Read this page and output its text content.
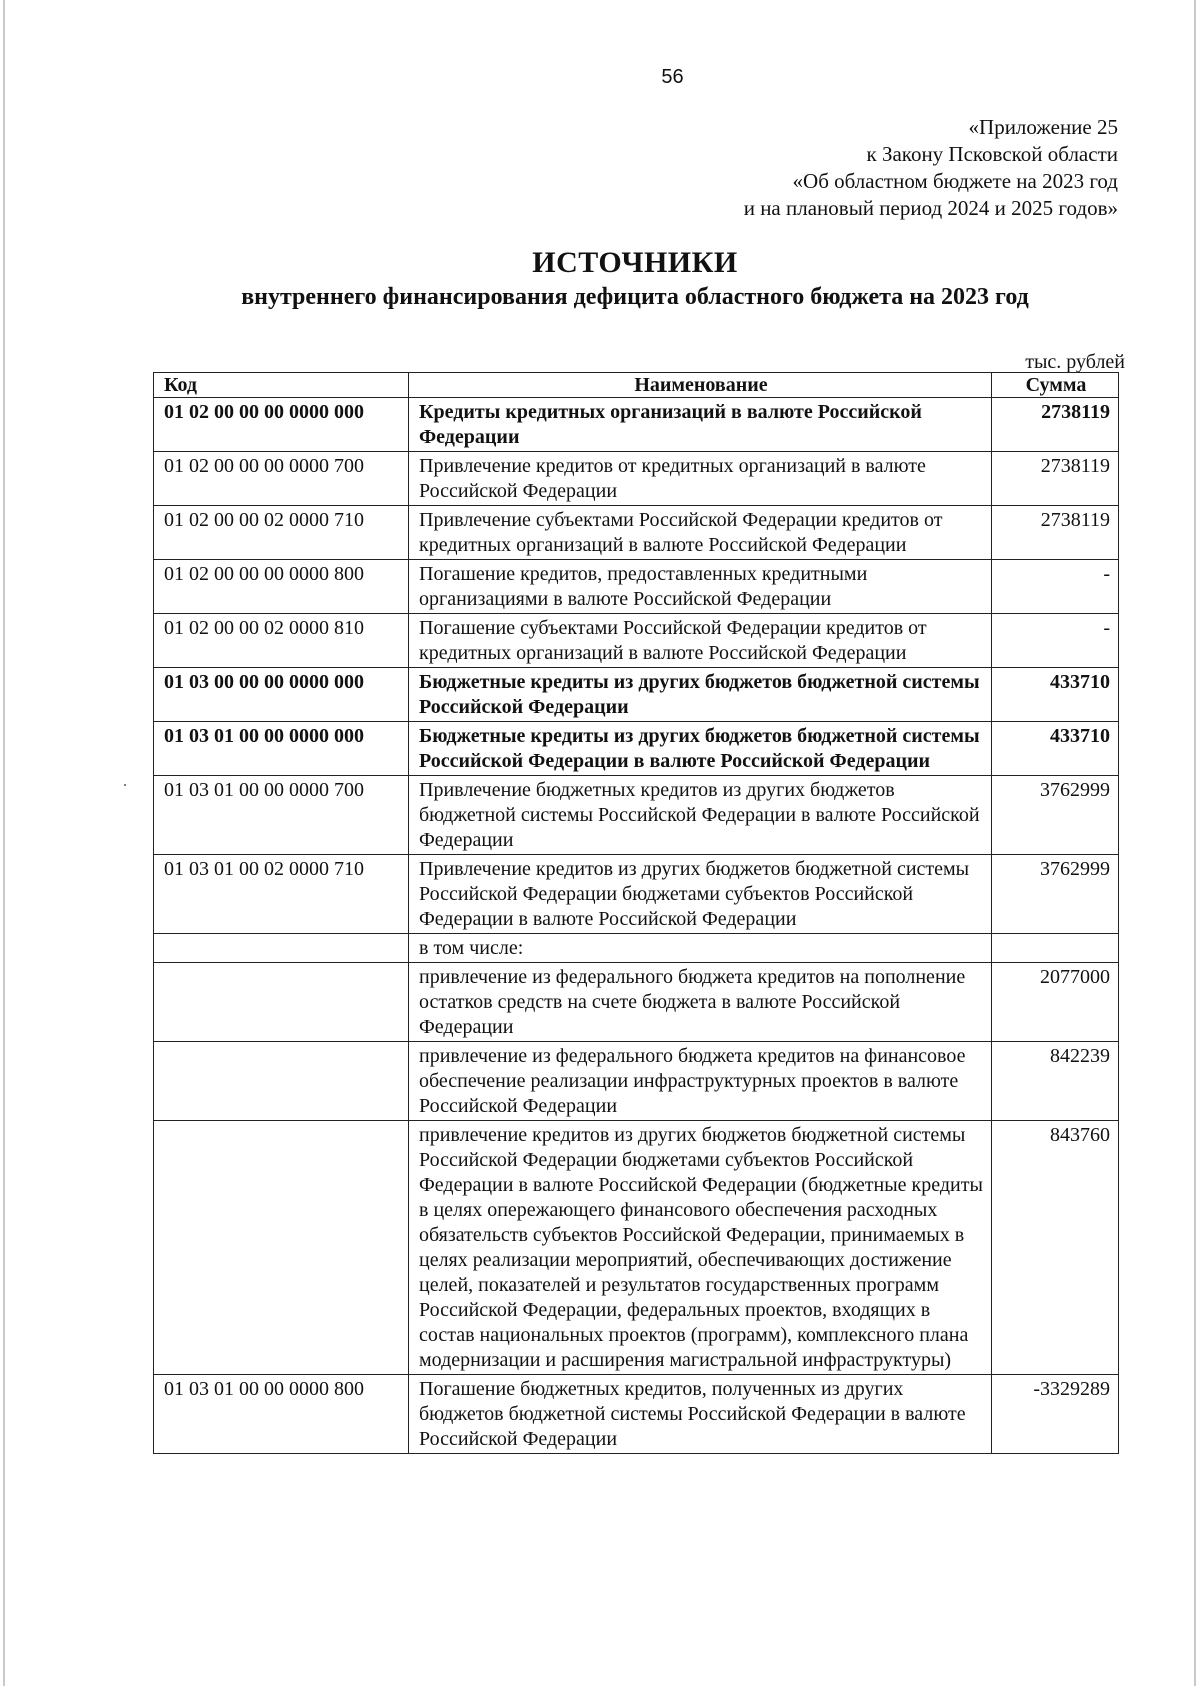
56
«Приложение 25
к Закону Псковской области
«Об областном бюджете на 2023 год
и на плановый период 2024 и 2025 годов»
ИСТОЧНИКИ
внутреннего финансирования дефицита областного бюджета на 2023 год
тыс. рублей
Код	Наименование	Сумма
01 02 00 00 00 0000 000	Кредиты кредитных организаций в валюте Российской Федерации	2738119
01 02 00 00 00 0000 700	Привлечение кредитов от кредитных организаций в валюте Российской Федерации	2738119
01 02 00 00 02 0000 710	Привлечение субъектами Российской Федерации кредитов от кредитных организаций в валюте Российской Федерации	2738119
01 02 00 00 00 0000 800	Погашение кредитов, предоставленных кредитными организациями в валюте Российской Федерации	-
01 02 00 00 02 0000 810	Погашение субъектами Российской Федерации кредитов от кредитных организаций в валюте Российской Федерации	-
01 03 00 00 00 0000 000	Бюджетные кредиты из других бюджетов бюджетной системы Российской Федерации	433710
01 03 01 00 00 0000 000	Бюджетные кредиты из других бюджетов бюджетной системы Российской Федерации в валюте Российской Федерации	433710
01 03 01 00 00 0000 700	Привлечение бюджетных кредитов из других бюджетов бюджетной системы Российской Федерации в валюте Российской Федерации	3762999
01 03 01 00 02 0000 710	Привлечение кредитов из других бюджетов бюджетной системы Российской Федерации бюджетами субъектов Российской Федерации в валюте Российской Федерации	3762999
	в том числе:	
	привлечение из федерального бюджета кредитов на пополнение остатков средств на счете бюджета в валюте Российской Федерации	2077000
	привлечение из федерального бюджета кредитов на финансовое обеспечение реализации инфраструктурных проектов в валюте Российской Федерации	842239
	привлечение кредитов из других бюджетов бюджетной системы Российской Федерации бюджетами субъектов Российской Федерации в валюте Российской Федерации (бюджетные кредиты в целях опережающего финансового обеспечения расходных обязательств субъектов Российской Федерации, принимаемых в целях реализации мероприятий, обеспечивающих достижение целей, показателей и результатов государственных программ Российской Федерации, федеральных проектов, входящих в состав национальных проектов (программ), комплексного плана модернизации и расширения магистральной инфраструктуры)	843760
01 03 01 00 00 0000 800	Погашение бюджетных кредитов, полученных из других бюджетов бюджетной системы Российской Федерации в валюте Российской Федерации	-3329289
